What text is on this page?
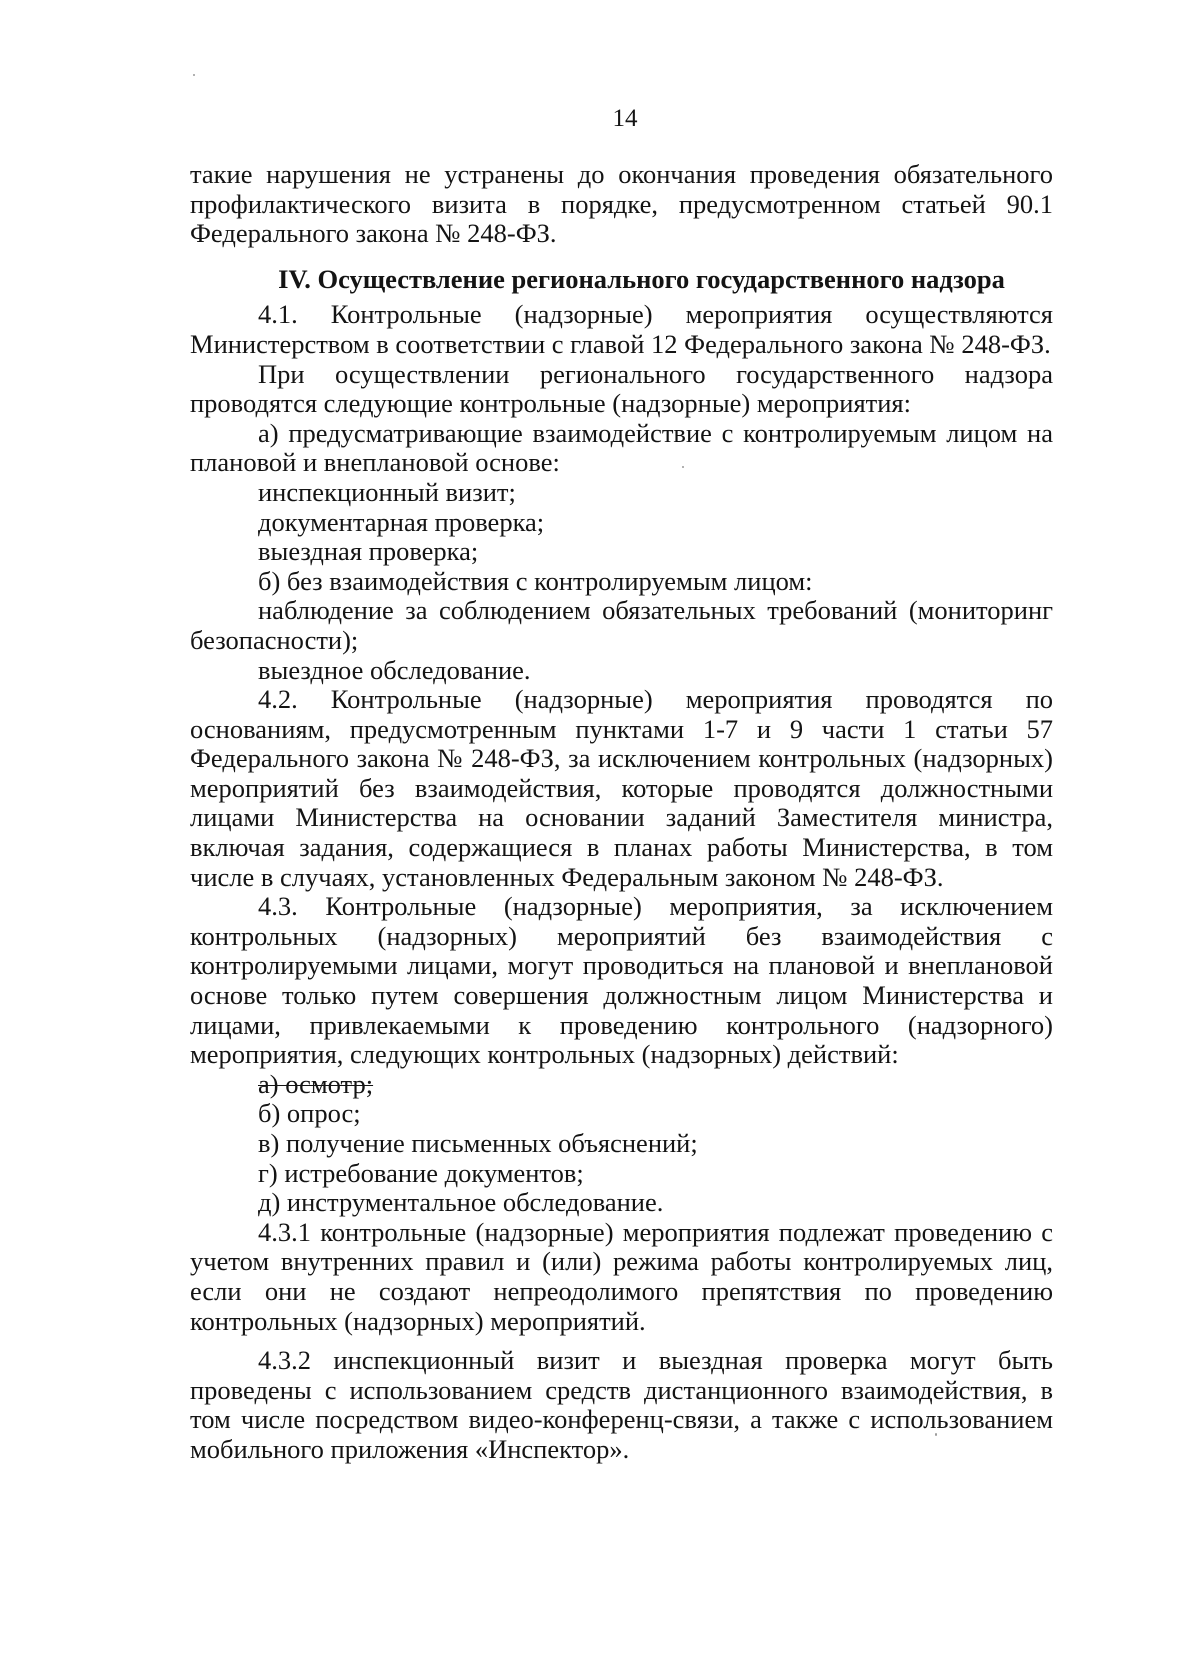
14

такие нарушения не устранены до окончания проведения обязательного профилактического визита в порядке, предусмотренном статьей 90.1 Федерального закона № 248-ФЗ.

IV. Осуществление регионального государственного надзора

4.1. Контрольные (надзорные) мероприятия осуществляются Министерством в соответствии с главой 12 Федерального закона № 248-ФЗ.

При осуществлении регионального государственного надзора проводятся следующие контрольные (надзорные) мероприятия:

а) предусматривающие взаимодействие с контролируемым лицом на плановой и внеплановой основе:

инспекционный визит;

документарная проверка;

выездная проверка;

б) без взаимодействия с контролируемым лицом:

наблюдение за соблюдением обязательных требований (мониторинг безопасности);

выездное обследование.

4.2. Контрольные (надзорные) мероприятия проводятся по основаниям, предусмотренным пунктами 1-7 и 9 части 1 статьи 57 Федерального закона № 248-ФЗ, за исключением контрольных (надзорных) мероприятий без взаимодействия, которые проводятся должностными лицами Министерства на основании заданий Заместителя министра, включая задания, содержащиеся в планах работы Министерства, в том числе в случаях, установленных Федеральным законом № 248-ФЗ.

4.3. Контрольные (надзорные) мероприятия, за исключением контрольных (надзорных) мероприятий без взаимодействия с контролируемыми лицами, могут проводиться на плановой и внеплановой основе только путем совершения должностным лицом Министерства и лицами, привлекаемыми к проведению контрольного (надзорного) мероприятия, следующих контрольных (надзорных) действий:

а) осмотр;

б) опрос;

в) получение письменных объяснений;

г) истребование документов;

д) инструментальное обследование.

4.3.1 контрольные (надзорные) мероприятия подлежат проведению с учетом внутренних правил и (или) режима работы контролируемых лиц, если они не создают непреодолимого препятствия по проведению контрольных (надзорных) мероприятий.

4.3.2 инспекционный визит и выездная проверка могут быть проведены с использованием средств дистанционного взаимодействия, в том числе посредством видео-конференц-связи, а также с использованием мобильного приложения «Инспектор».
